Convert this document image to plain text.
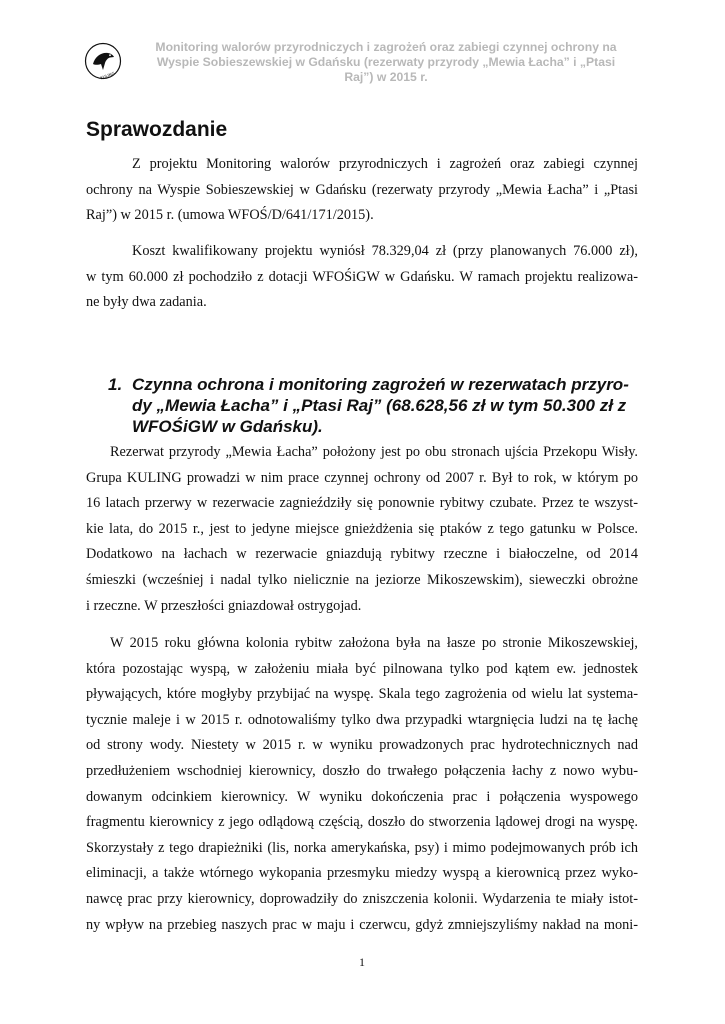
KULING
Monitoring walorów przyrodniczych i zagrożeń oraz zabiegi czynnej ochrony na
Wyspie Sobieszewskiej w Gdańsku (rezerwaty przyrody „Mewia Łacha” i „Ptasi
Raj”) w 2015 r.
Sprawozdanie
Z projektu Monitoring walorów przyrodniczych i zagrożeń oraz zabiegi czynnej
ochrony na Wyspie Sobieszewskiej w Gdańsku (rezerwaty przyrody „Mewia Łacha” i „Ptasi
Raj”) w 2015 r. (umowa WFOŚ/D/641/171/2015).
Koszt kwalifikowany projektu wyniósł 78.329,04 zł (przy planowanych 76.000 zł),
w tym 60.000 zł pochodziło z dotacji WFOŚiGW w Gdańsku. W ramach projektu realizowa-
ne były dwa zadania.
1. Czynna ochrona i monitoring zagrożeń w rezerwatach przyro-
dy „Mewia Łacha” i „Ptasi Raj” (68.628,56 zł w tym 50.300 zł z
WFOŚiGW w Gdańsku).
Rezerwat przyrody „Mewia Łacha” położony jest po obu stronach ujścia Przekopu Wisły.
Grupa KULING prowadzi w nim prace czynnej ochrony od 2007 r. Był to rok, w którym po
16 latach przerwy w rezerwacie zagnieździły się ponownie rybitwy czubate. Przez te wszyst-
kie lata, do 2015 r., jest to jedyne miejsce gnieżdżenia się ptaków z tego gatunku w Polsce.
Dodatkowo na łachach w rezerwacie gniazdują rybitwy rzeczne i białoczelne, od 2014
śmieszki (wcześniej i nadal tylko nielicznie na jeziorze Mikoszewskim), sieweczki obrożne
i rzeczne. W przeszłości gniazdował ostrygojad.
W 2015 roku główna kolonia rybitw założona była na łasze po stronie Mikoszewskiej,
która pozostając wyspą, w założeniu miała być pilnowana tylko pod kątem ew. jednostek
pływających, które mogłyby przybijać na wyspę. Skala tego zagrożenia od wielu lat systema-
tycznie maleje i w 2015 r. odnotowaliśmy tylko dwa przypadki wtargnięcia ludzi na tę łachę
od strony wody. Niestety w 2015 r. w wyniku prowadzonych prac hydrotechnicznych nad
przedłużeniem wschodniej kierownicy, doszło do trwałego połączenia łachy z nowo wybu-
dowanym odcinkiem kierownicy. W wyniku dokończenia prac i połączenia wyspowego
fragmentu kierownicy z jego odlądową częścią, doszło do stworzenia lądowej drogi na wyspę.
Skorzystały z tego drapieżniki (lis, norka amerykańska, psy) i mimo podejmowanych prób ich
eliminacji, a także wtórnego wykopania przesmyku miedzy wyspą a kierownicą przez wyko-
nawcę prac przy kierownicy, doprowadziły do zniszczenia kolonii. Wydarzenia te miały istot-
ny wpływ na przebieg naszych prac w maju i czerwcu, gdyż zmniejszyliśmy nakład na moni-
1
